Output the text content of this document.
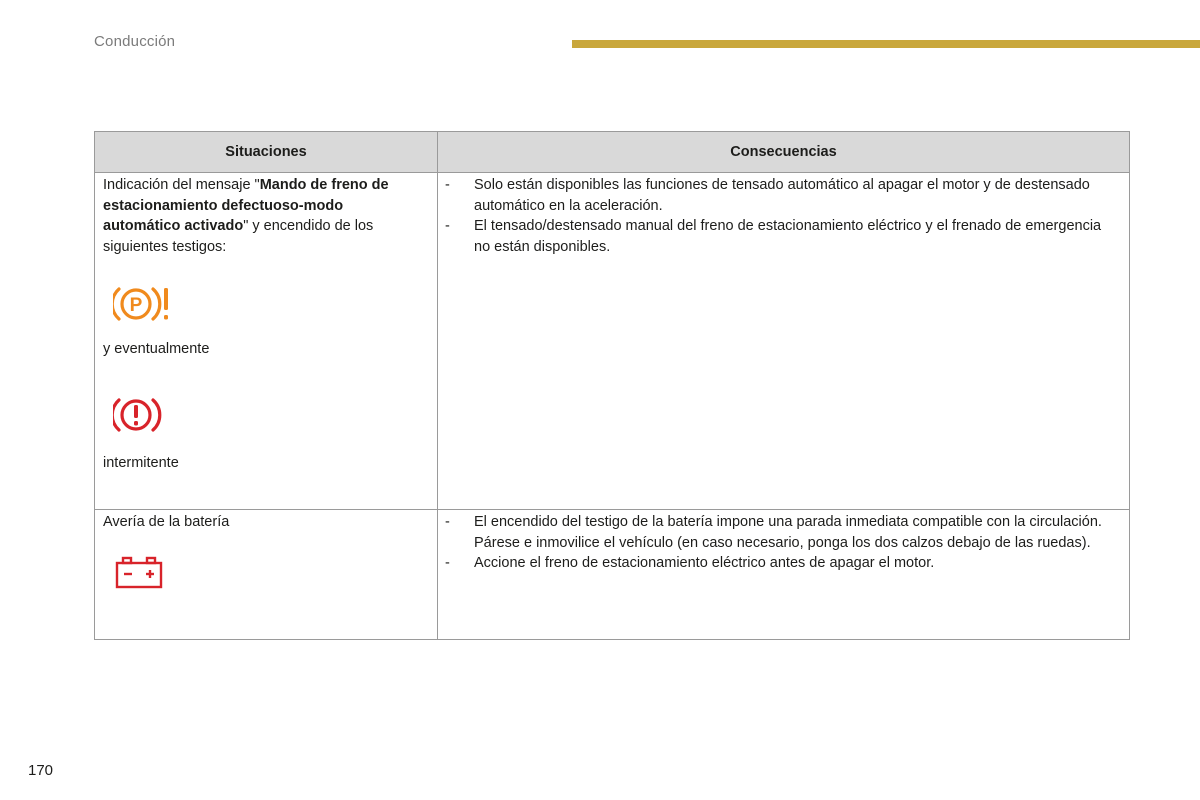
Conducción
Situaciones	Consecuencias
Indicación del mensaje "Mando de freno de estacionamiento defectuoso-modo automático activado" y encendido de los siguientes testigos:
P
y eventualmente
intermitente
- Solo están disponibles las funciones de tensado automático al apagar el motor y de destensado automático en la aceleración.
- El tensado/destensado manual del freno de estacionamiento eléctrico y el frenado de emergencia no están disponibles.
Avería de la batería	- El encendido del testigo de la batería impone una parada inmediata compatible con la circulación. Párese e inmovilice el vehículo (en caso necesario, ponga los dos calzos debajo de las ruedas).
- Accione el freno de estacionamiento eléctrico antes de apagar el motor.
170
